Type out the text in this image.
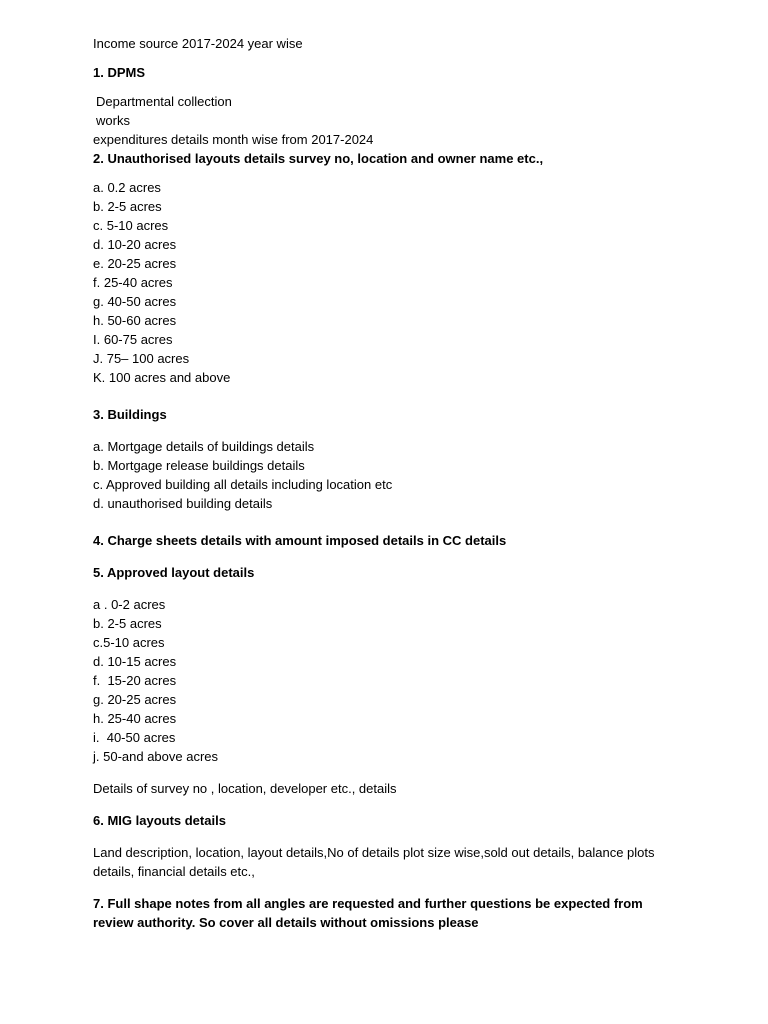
Income source 2017-2024 year wise

1. DPMS

Departmental collection

works

expenditures details month wise from 2017-2024

2. Unauthorised layouts details survey no, location and owner name etc.,

a. 0.2 acres

b. 2-5 acres

c. 5-10 acres

d. 10-20 acres

e. 20-25 acres

f. 25-40 acres

g. 40-50 acres

h. 50-60 acres

I. 60-75 acres

J. 75– 100 acres

K. 100 acres and above

3. Buildings

a. Mortgage details of buildings details

b. Mortgage release buildings details

c. Approved building all details including location etc

d. unauthorised building details

4. Charge sheets details with amount imposed details in CC details

5. Approved layout details

a . 0-2 acres

b. 2-5 acres

c.5-10 acres

d. 10-15 acres

f.  15-20 acres

g. 20-25 acres

h. 25-40 acres

i.  40-50 acres

j. 50-and above acres

Details of survey no , location, developer etc., details

6. MIG layouts details

Land description, location, layout details,No of details plot size wise,sold out details, balance plots details, financial details etc.,

7. Full shape notes from all angles are requested and further questions be expected from review authority. So cover all details without omissions please
